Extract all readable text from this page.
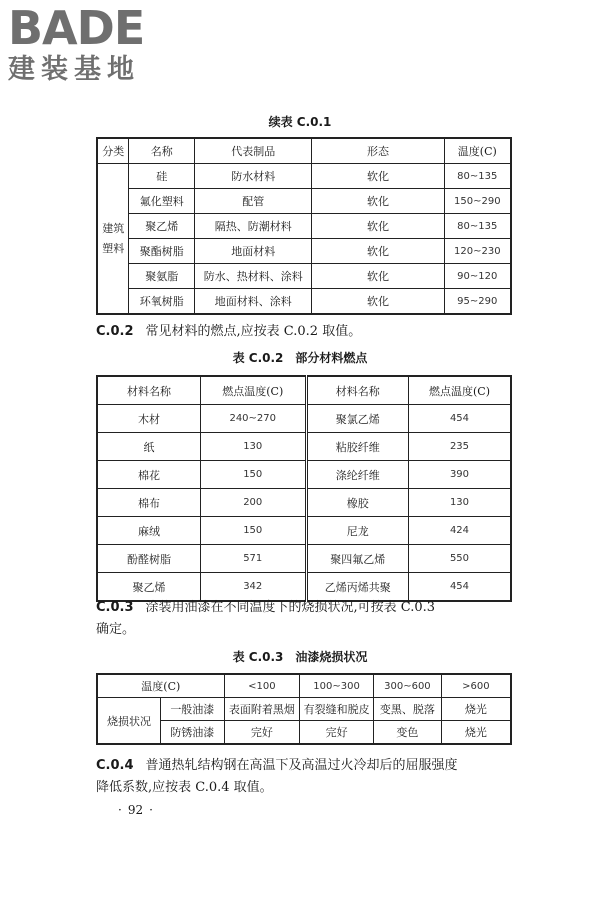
BADE
建装基地
续表 C.0.1
分类	名称	代表制品	形态	温度(C)

建筑塑料	硅	防水材料	软化	80~135
	氟化塑料	配管	软化	150~290
	聚乙烯	隔热、防潮材料	软化	80~135
	聚酯树脂	地面材料	软化	120~230
	聚氨脂	防水、热材料、涂料	软化	90~120
	环氧树脂	地面材料、涂料	软化	95~290
C.0.2 常见材料的燃点,应按表 C.0.2 取值。
表 C.0.2 部分材料燃点
材料名称	燃点温度(C)	材料名称	燃点温度(C)
木材	240~270	聚氯乙烯	454
纸	130	粘胶纤维	235
棉花	150	涤纶纤维	390
棉布	200	橡胶	130
麻绒	150	尼龙	424
酚醛树脂	571	聚四氟乙烯	550
聚乙烯	342	乙烯丙烯共聚	454
C.0.3 涂装用油漆在不同温度下的烧损状况,可按表 C.0.3
确定。
表 C.0.3 油漆烧损状况
温度(C)		<100	100~300	300~600	>600
烧损状况	一般油漆	表面附着黑烟	有裂缝和脱皮	变黑、脱落	烧光
	防锈油漆	完好	完好	变色	烧光
C.0.4 普通热轧结构钢在高温下及高温过火冷却后的屈服强度
降低系数,应按表 C.0.4 取值。
· 92 ·
